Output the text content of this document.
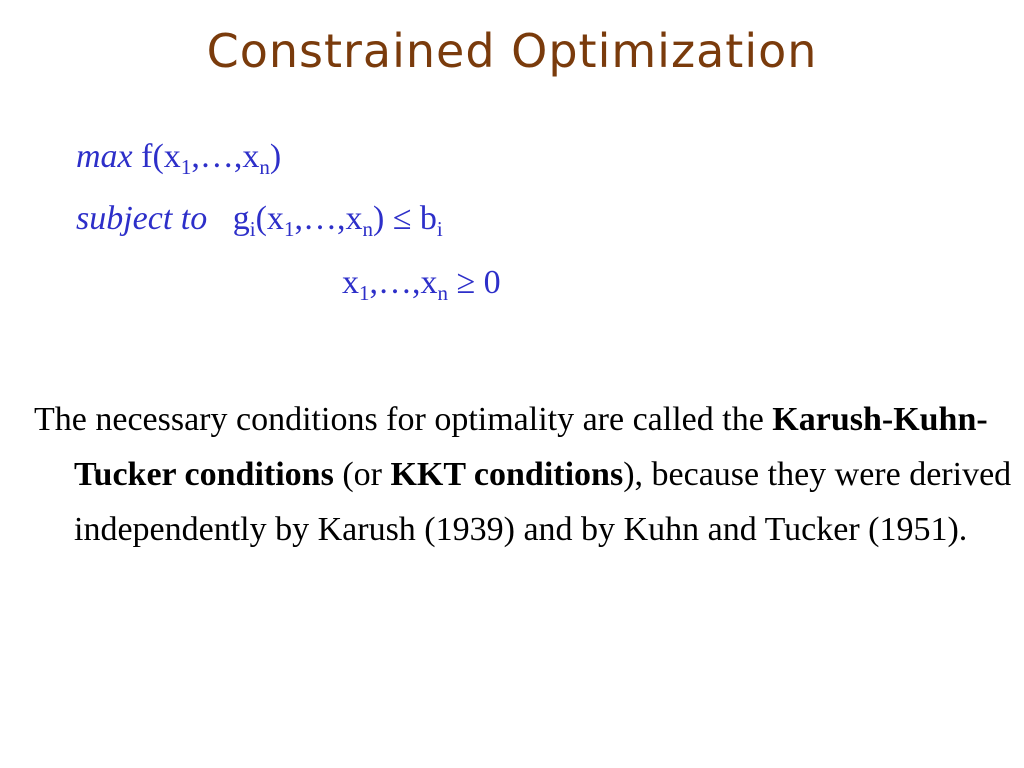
Constrained Optimization
$\max f(x_1,\dots,x_n)$
subject to $g_i(x_1,\dots,x_n) \le b_i$
$x_1,\dots,x_n \ge 0$
The necessary conditions for optimality are called the Karush-Kuhn-Tucker conditions (or KKT conditions), because they were derived independently by Karush (1939) and by Kuhn and Tucker (1951).
